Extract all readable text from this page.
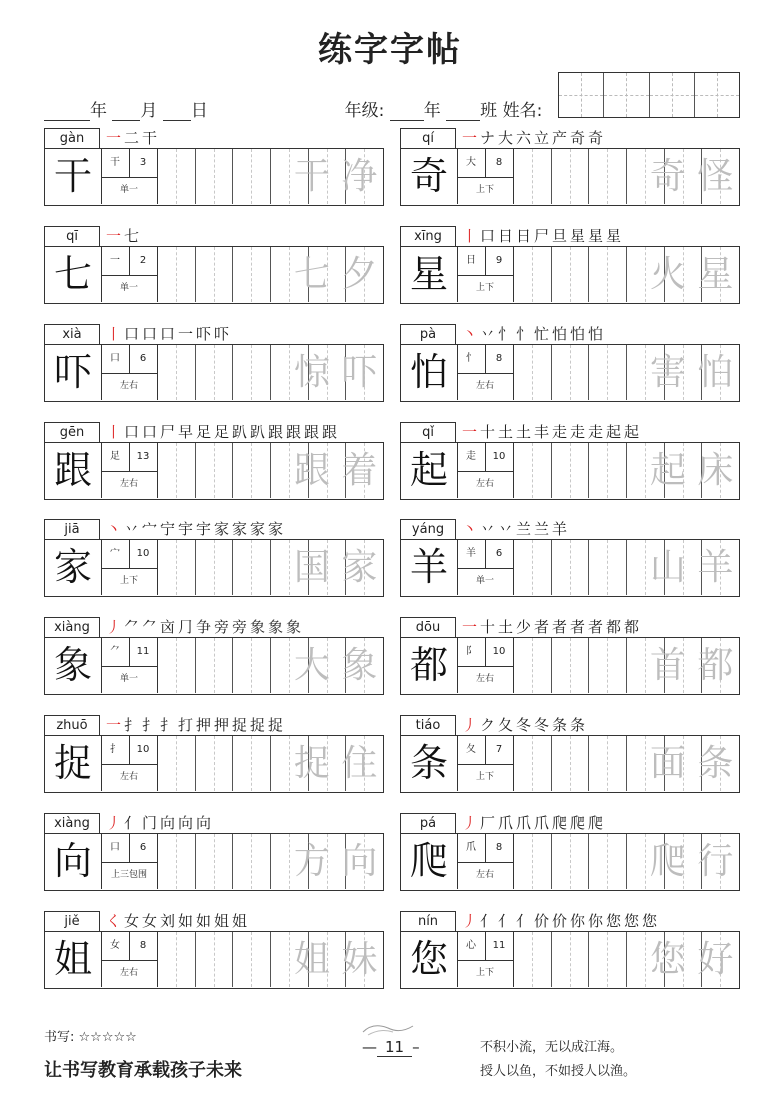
练字字帖
年 月 日	年级: 年 班 姓名:
gàn	一二干
干	干	3
单一	干 净
qí	一ナ大六立产奇奇
奇	大	8
上下	奇 怪
qī	一七
七	一	2
单一	七 夕
xīng	丨口日日尸旦星星星
星	日	9
上下	火 星
xià	丨口口口一吓吓
吓	口	6
左右	惊 吓
pà	丶丷忄忄忙怕怕怕
怕	忄	8
左右	害 怕
gēn	丨口口尸早足足趴趴跟跟跟跟
跟	足	13
左右	跟 着
qǐ	一十土土丰走走走起起
起	走	10
左右	起 床
jiā	丶丷宀宁宇宇家家家家
家	宀	10
上下	国 家
yáng	丶丷丷兰兰羊
羊	羊	6
单一	山 羊
xiàng	丿⺈⺈㐫⺆争旁旁象象象
象	⺈	11
单一	大 象
dōu	一十土少者者者者都都
都	阝	10
左右	首 都
zhuō	一扌扌扌打押押捉捉捉
捉	扌	10
左右	捉 住
tiáo	丿ク夂冬冬条条
条	夂	7
上下	面 条
xiàng	丿亻门向向向
向	口	6
上三包围	方 向
pá	丿厂爪爪爪爬爬爬
爬	爪	8
左右	爬 行
jiě	く女女刘如如姐姐
姐	女	8
左右	姐 妹
nín	丿亻亻亻价价你你您您您
您	心	11
上下	您 好
书写: ☆☆☆☆☆
让书写教育承载孩子未来
— 11 –	不积小流，无以成江海。
授人以鱼，不如授人以渔。
